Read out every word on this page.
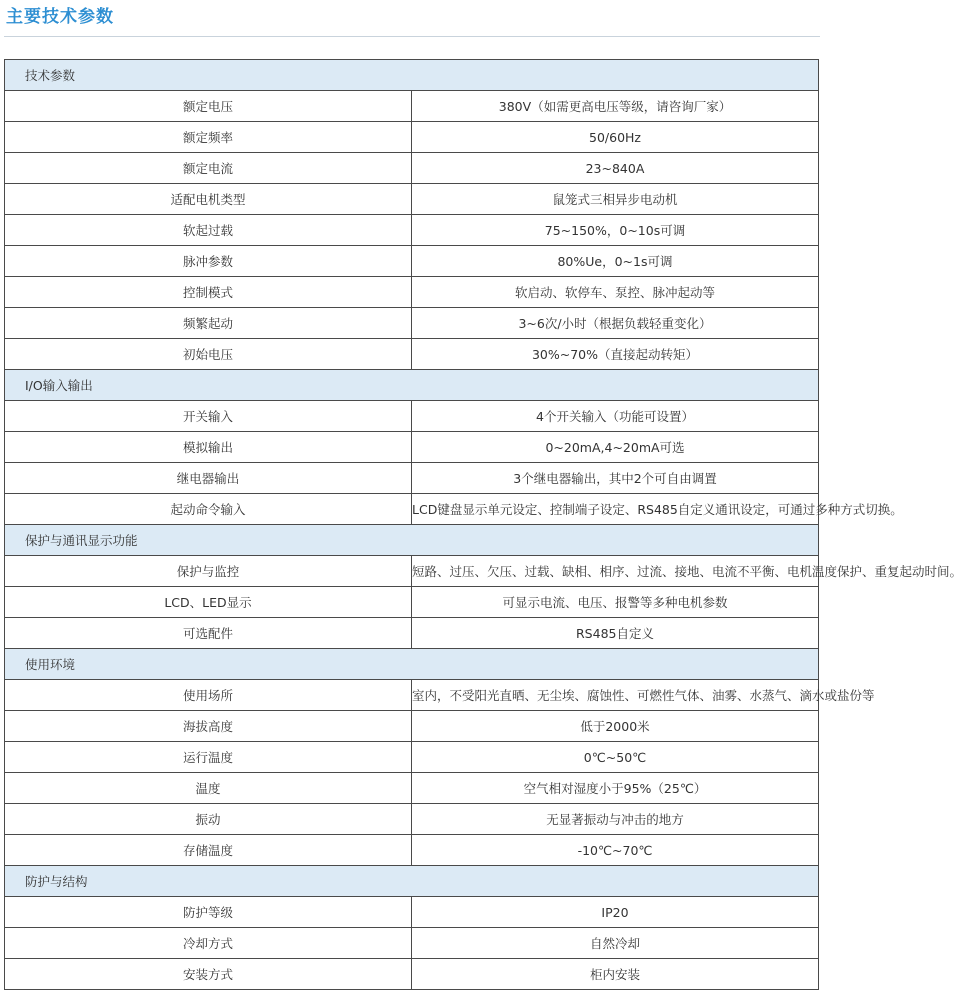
主要技术参数
技术参数	
额定电压	380V（如需更高电压等级，请咨询厂家）
额定频率	50/60Hz
额定电流	23~840A
适配电机类型	鼠笼式三相异步电动机
软起过载	75~150%，0~10s可调
脉冲参数	80%Ue，0~1s可调
控制模式	软启动、软停车、泵控、脉冲起动等
频繁起动	3~6次/小时（根据负载轻重变化）
初始电压	30%~70%（直接起动转矩）
I/O输入输出	
开关输入	4个开关输入（功能可设置）
模拟输出	0~20mA,4~20mA可选
继电器输出	3个继电器输出，其中2个可自由调置
起动命令输入	LCD键盘显示单元设定、控制端子设定、RS485自定义通讯设定，可通过多种方式切换。
保护与通讯显示功能	
保护与监控	短路、过压、欠压、过载、缺相、相序、过流、接地、电流不平衡、电机温度保护、重复起动时间。
LCD、LED显示	可显示电流、电压、报警等多种电机参数
可选配件	RS485自定义
使用环境	
使用场所	室内，不受阳光直晒、无尘埃、腐蚀性、可燃性气体、油雾、水蒸气、滴水或盐份等
海拔高度	低于2000米
运行温度	0℃~50℃
温度	空气相对湿度小于95%（25℃）
振动	无显著振动与冲击的地方
存储温度	-10℃~70℃
防护与结构	
防护等级	IP20
冷却方式	自然冷却
安装方式	柜内安装
